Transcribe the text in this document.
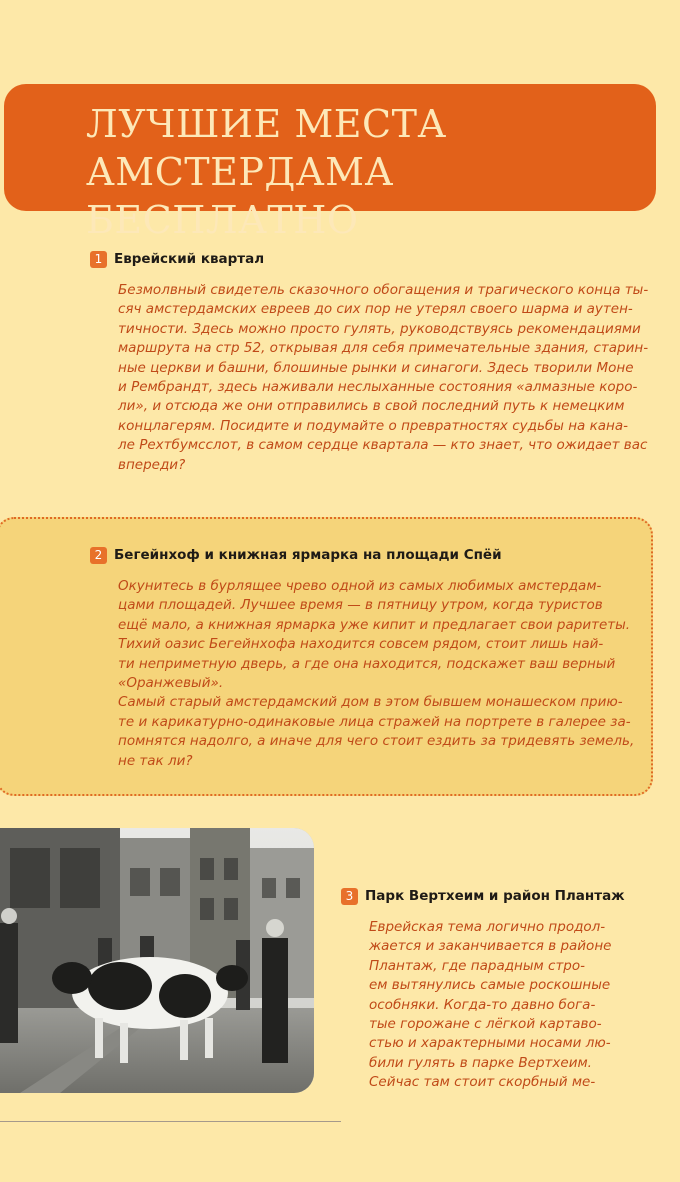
ЛУЧШИЕ МЕСТА
АМСТЕРДАМА БЕСПЛАТНО
1 Еврейский квартал

Безмолвный свидетель сказочного обогащения и трагического конца ты-
сяч амстердамских евреев до сих пор не утерял своего шарма и аутен-
тичности. Здесь можно просто гулять, руководствуясь рекомендациями
маршрута на стр 52, открывая для себя примечательные здания, старин-
ные церкви и башни, блошиные рынки и синагоги. Здесь творили Моне
и Рембрандт, здесь наживали неслыханные состояния «алмазные коро-
ли», и отсюда же они отправились в свой последний путь к немецким
концлагерям. Посидите и подумайте о превратностях судьбы на кана-
ле Рехтбумсслот, в самом сердце квартала — кто знает, что ожидает вас
впереди?

2 Бегейнхоф и книжная ярмарка на площади Спёй

Окунитесь в бурлящее чрево одной из самых любимых амстердам-
цами площадей. Лучшее время — в пятницу утром, когда туристов
ещё мало, а книжная ярмарка уже кипит и предлагает свои раритеты.
Тихий оазис Бегейнхофа находится совсем рядом, стоит лишь най-
ти неприметную дверь, а где она находится, подскажет ваш верный
«Оранжевый».
Самый старый амстердамский дом в этом бывшем монашеском прию-
те и карикатурно-одинаковые лица стражей на портрете в галерее за-
помнятся надолго, а иначе для чего стоит ездить за тридевять земель,
не так ли?

3 Парк Вертхеим и район Плантаж

Еврейская тема логично продол-
жается и заканчивается в районе
Плантаж, где парадным стро-
ем вытянулись самые роскошные
особняки. Когда-то давно бога-
тые горожане с лёгкой картаво-
стью и характерными носами лю-
били гулять в парке Вертхеим.
Сейчас там стоит скорбный ме-
